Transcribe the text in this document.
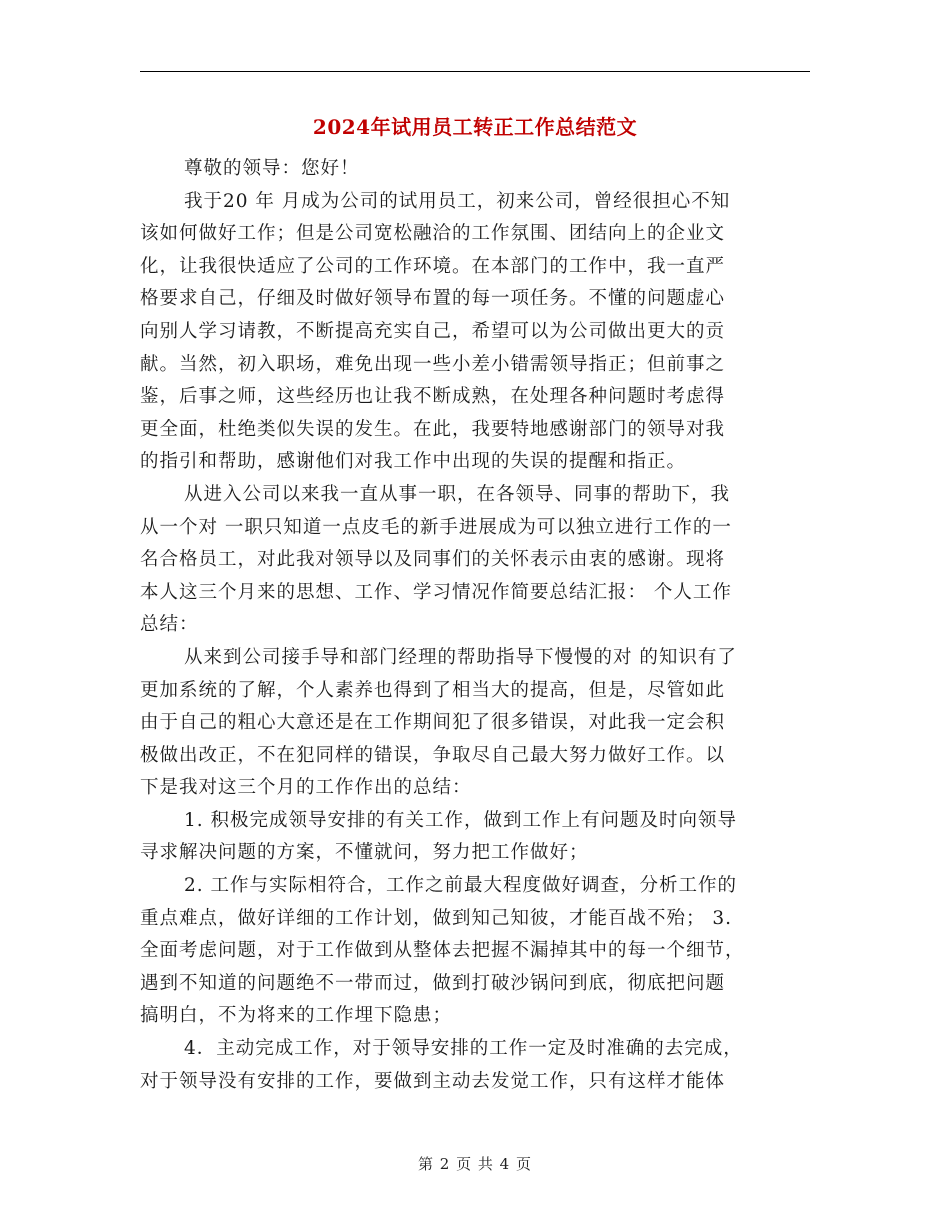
2024年试用员工转正工作总结范文
尊敬的领导：您好！
我于20 年 月成为公司的试用员工，初来公司，曾经很担心不知
该如何做好工作；但是公司宽松融洽的工作氛围、团结向上的企业文
化，让我很快适应了公司的工作环境。在本部门的工作中，我一直严
格要求自己，仔细及时做好领导布置的每一项任务。不懂的问题虚心
向别人学习请教，不断提高充实自己，希望可以为公司做出更大的贡
献。当然，初入职场，难免出现一些小差小错需领导指正；但前事之
鉴，后事之师，这些经历也让我不断成熟，在处理各种问题时考虑得
更全面，杜绝类似失误的发生。在此，我要特地感谢部门的领导对我
的指引和帮助，感谢他们对我工作中出现的失误的提醒和指正。
从进入公司以来我一直从事一职，在各领导、同事的帮助下，我
从一个对 一职只知道一点皮毛的新手进展成为可以独立进行工作的一
名合格员工，对此我对领导以及同事们的关怀表示由衷的感谢。现将
本人这三个月来的思想、工作、学习情况作简要总结汇报： 个人工作
总结：
从来到公司接手导和部门经理的帮助指导下慢慢的对 的知识有了
更加系统的了解，个人素养也得到了相当大的提高，但是，尽管如此
由于自己的粗心大意还是在工作期间犯了很多错误，对此我一定会积
极做出改正，不在犯同样的错误，争取尽自己最大努力做好工作。以
下是我对这三个月的工作作出的总结：
1. 积极完成领导安排的有关工作，做到工作上有问题及时向领导
寻求解决问题的方案，不懂就问，努力把工作做好；
2. 工作与实际相符合，工作之前最大程度做好调查，分析工作的
重点难点，做好详细的工作计划，做到知己知彼，才能百战不殆； 3.
全面考虑问题，对于工作做到从整体去把握不漏掉其中的每一个细节，
遇到不知道的问题绝不一带而过，做到打破沙锅问到底，彻底把问题
搞明白，不为将来的工作埋下隐患；
4．主动完成工作，对于领导安排的工作一定及时准确的去完成，
对于领导没有安排的工作，要做到主动去发觉工作，只有这样才能体
第 2 页 共 4 页
